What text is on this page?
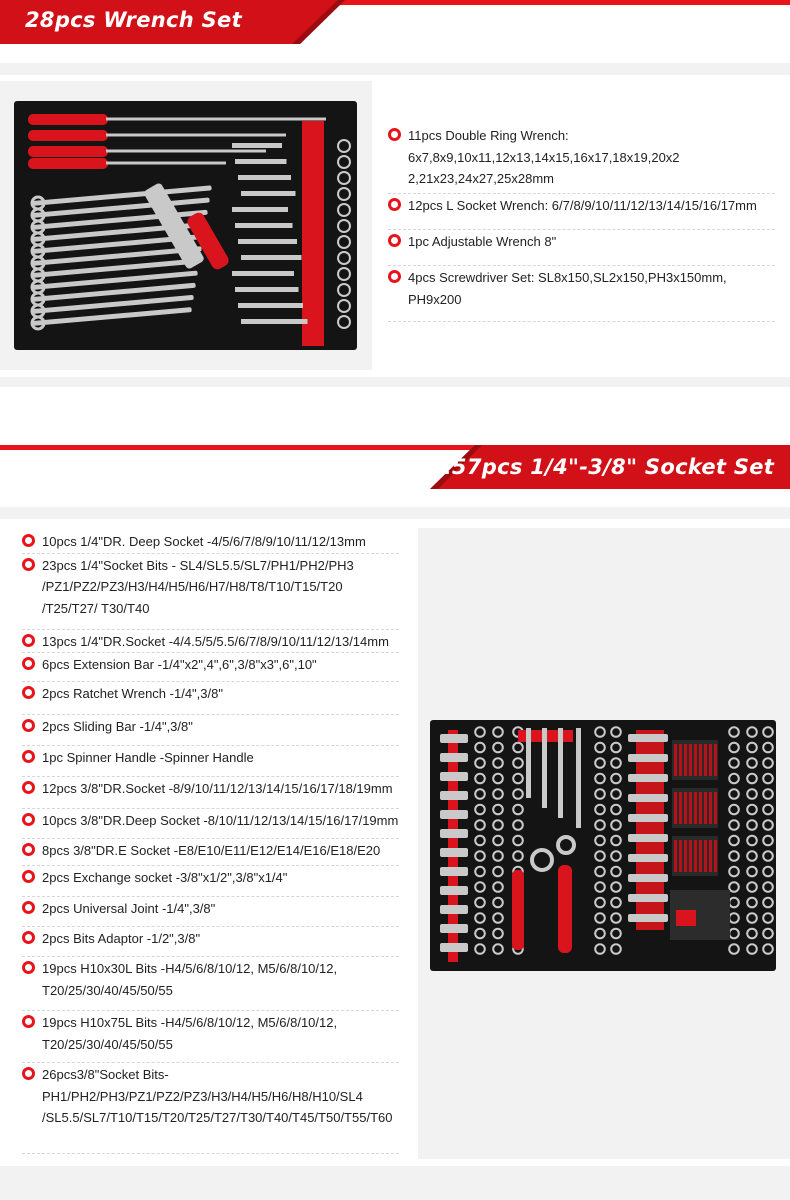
28pcs Wrench Set
11pcs Double Ring Wrench:
6x7,8x9,10x11,12x13,14x15,16x17,18x19,20x2
2,21x23,24x27,25x28mm
12pcs L Socket Wrench: 6/7/8/9/10/11/12/13/14/15/16/17mm
1pc Adjustable Wrench 8"
4pcs Screwdriver Set: SL8x150,SL2x150,PH3x150mm,
PH9x200
157pcs 1/4"-3/8" Socket Set
10pcs 1/4"DR. Deep Socket -4/5/6/7/8/9/10/11/12/13mm
23pcs 1/4"Socket Bits - SL4/SL5.5/SL7/PH1/PH2/PH3
/PZ1/PZ2/PZ3/H3/H4/H5/H6/H7/H8/T8/T10/T15/T20
/T25/T27/ T30/T40
13pcs 1/4"DR.Socket -4/4.5/5/5.5/6/7/8/9/10/11/12/13/14mm
6pcs Extension Bar -1/4"x2",4",6",3/8"x3",6",10"
2pcs Ratchet Wrench -1/4",3/8"
2pcs Sliding Bar -1/4",3/8"
1pc Spinner Handle -Spinner Handle
12pcs 3/8"DR.Socket -8/9/10/11/12/13/14/15/16/17/18/19mm
10pcs 3/8"DR.Deep Socket -8/10/11/12/13/14/15/16/17/19mm
8pcs 3/8"DR.E Socket -E8/E10/E11/E12/E14/E16/E18/E20
2pcs Exchange socket -3/8"x1/2",3/8"x1/4"
2pcs Universal Joint -1/4",3/8"
2pcs Bits Adaptor -1/2",3/8"
19pcs H10x30L Bits -H4/5/6/8/10/12, M5/6/8/10/12,
T20/25/30/40/45/50/55
19pcs H10x75L Bits -H4/5/6/8/10/12, M5/6/8/10/12,
T20/25/30/40/45/50/55
26pcs3/8"Socket Bits-
PH1/PH2/PH3/PZ1/PZ2/PZ3/H3/H4/H5/H6/H8/H10/SL4
/SL5.5/SL7/T10/T15/T20/T25/T27/T30/T40/T45/T50/T55/T60
